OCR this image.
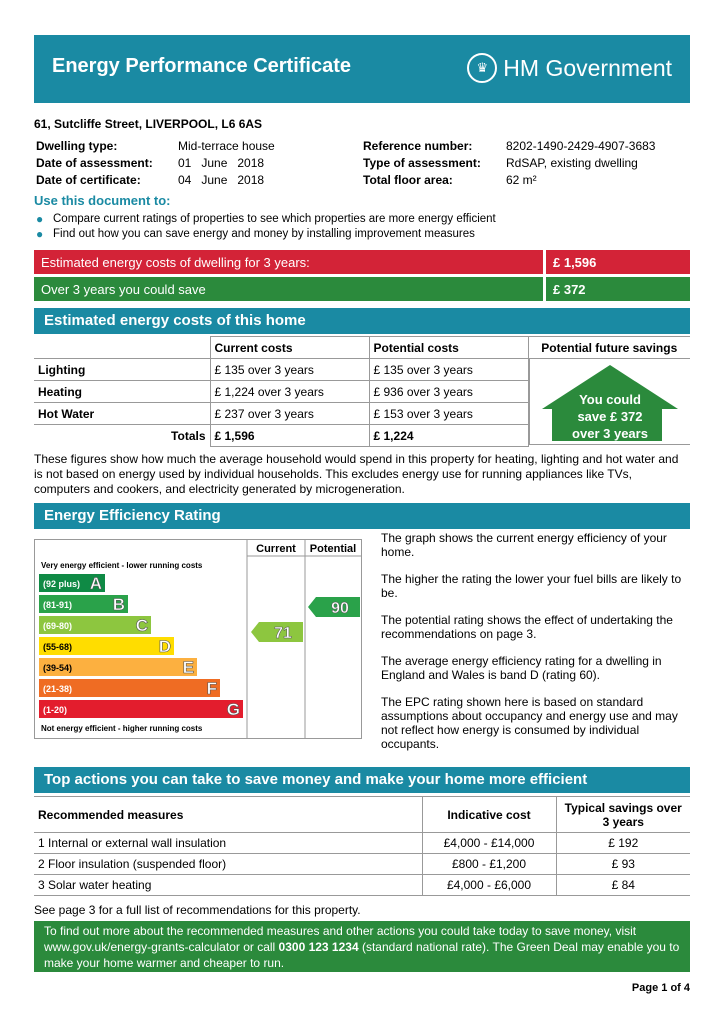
Energy Performance Certificate	♛ HM Government
61, Sutcliffe Street, LIVERPOOL, L6 6AS
Dwelling type:	Mid-terrace house
Date of assessment: 01   June   2018
Date of certificate:	04   June   2018
Reference number:	8202-1490-2429-4907-3683
Type of assessment: RdSAP, existing dwelling
Total floor area:	62 m²
Use this document to:
● Compare current ratings of properties to see which properties are more energy efficient
● Find out how you can save energy and money by installing improvement measures
Estimated energy costs of dwelling for 3 years:	£ 1,596
Over 3 years you could save	£ 372
Estimated energy costs of this home
	Current costs	Potential costs	Potential future savings
Lighting	£ 135 over 3 years	£ 135 over 3 years	
Heating	£ 1,224 over 3 years	£ 936 over 3 years	
Hot Water	£ 237 over 3 years	£ 153 over 3 years	
Totals	£ 1,596	£ 1,224	
You could
save £ 372
over 3 years
These figures show how much the average household would spend in this property for heating, lighting and hot water and is not based on energy used by individual households. This excludes energy use for running appliances like TVs, computers and cookers, and electricity generated by microgeneration.
Energy Efficiency Rating
Current Potential
Very energy efficient - lower running costs
Not energy efficient - higher running costs
(92 plus) A
(81-91) B
(69-80)	C
(55-68)	D
(39-54)	E
(21-38)	F
(1-20)	G
71
90

The graph shows the current energy efficiency of your home.

The higher the rating the lower your fuel bills are likely to be.

The potential rating shows the effect of undertaking the recommendations on page 3.

The average energy efficiency rating for a dwelling in England and Wales is band D (rating 60).

The EPC rating shown here is based on standard assumptions about occupancy and energy use and may not reflect how energy is consumed by individual occupants.

Top actions you can take to save money and make your home more efficient
Recommended measures	Indicative cost	Typical savings over 3 years
1 Internal or external wall insulation	£4,000 - £14,000	£ 192
2 Floor insulation (suspended floor)	£800 - £1,200	£ 93
3 Solar water heating	£4,000 - £6,000	£ 84
See page 3 for a full list of recommendations for this property.
To find out more about the recommended measures and other actions you could take today to save money, visit www.gov.uk/energy-grants-calculator or call 0300 123 1234 (standard national rate). The Green Deal may enable you to make your home warmer and cheaper to run.
Page 1 of 4
